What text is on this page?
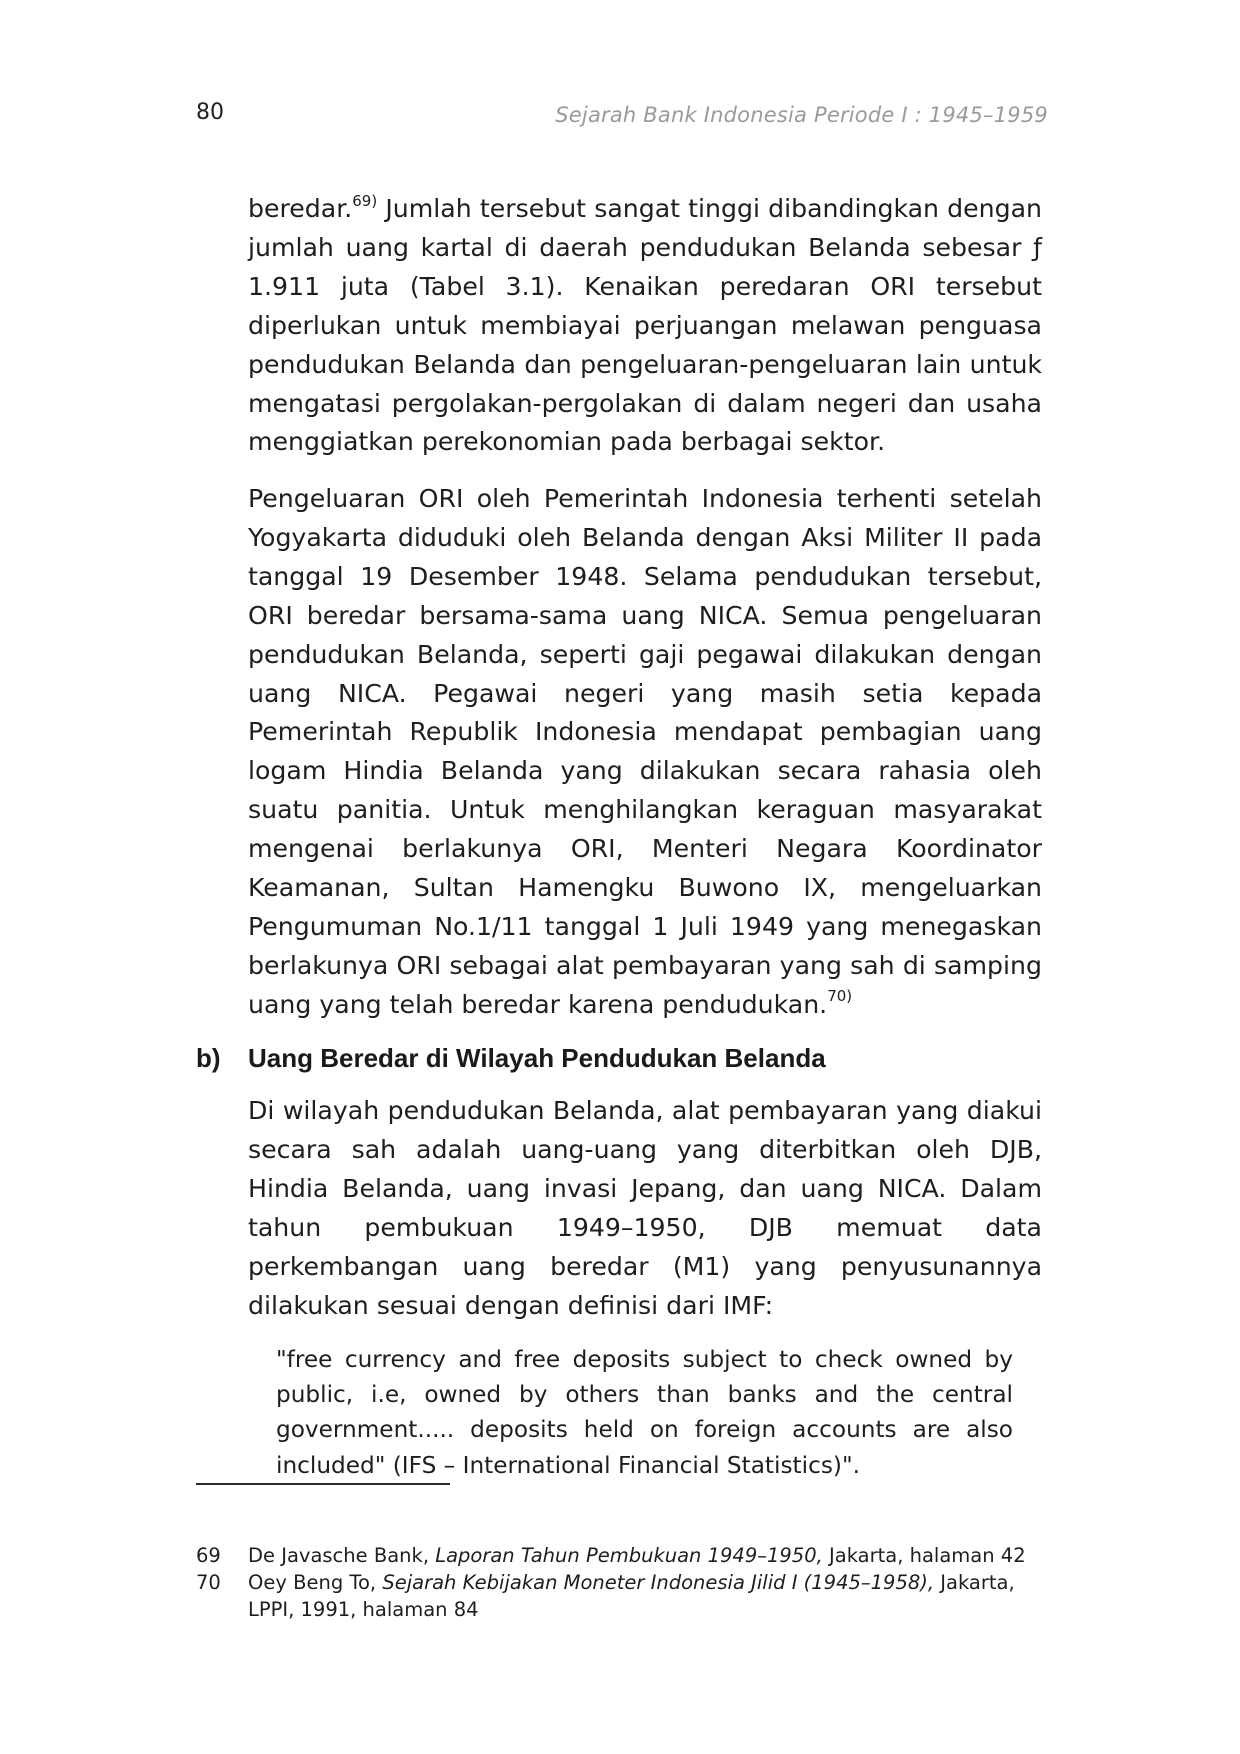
80	Sejarah Bank Indonesia Periode I : 1945–1959

beredar.$^{69)}$ Jumlah tersebut sangat tinggi dibandingkan dengan jumlah uang kartal di daerah pendudukan Belanda sebesar ƒ 1.911 juta (Tabel 3.1). Kenaikan peredaran ORI tersebut diperlukan untuk membiayai perjuangan melawan penguasa pendudukan Belanda dan pengeluaran-pengeluaran lain untuk mengatasi pergolakan-pergolakan di dalam negeri dan usaha menggiatkan perekonomian pada berbagai sektor.

Pengeluaran ORI oleh Pemerintah Indonesia terhenti setelah Yogyakarta diduduki oleh Belanda dengan Aksi Militer II pada tanggal 19 Desember 1948. Selama pendudukan tersebut, ORI beredar bersama-sama uang NICA. Semua pengeluaran pendudukan Belanda, seperti gaji pegawai dilakukan dengan uang NICA. Pegawai negeri yang masih setia kepada Pemerintah Republik Indonesia mendapat pembagian uang logam Hindia Belanda yang dilakukan secara rahasia oleh suatu panitia. Untuk menghilangkan keraguan masyarakat mengenai berlakunya ORI, Menteri Negara Koordinator Keamanan, Sultan Hamengku Buwono IX, mengeluarkan Pengumuman No.1/11 tanggal 1 Juli 1949 yang menegaskan berlakunya ORI sebagai alat pembayaran yang sah di samping uang yang telah beredar karena pendudukan.$^{70)}$

b) Uang Beredar di Wilayah Pendudukan Belanda

Di wilayah pendudukan Belanda, alat pembayaran yang diakui secara sah adalah uang-uang yang diterbitkan oleh DJB, Hindia Belanda, uang invasi Jepang, dan uang NICA. Dalam tahun pembukuan 1949–1950, DJB memuat data perkembangan uang beredar (M1) yang penyusunannya dilakukan sesuai dengan definisi dari IMF:

"free currency and free deposits subject to check owned by public, i.e, owned by others than banks and the central government..... deposits held on foreign accounts are also included" (IFS – International Financial Statistics)".

69	De Javasche Bank, Laporan Tahun Pembukuan 1949–1950, Jakarta, halaman 42
70	Oey Beng To, Sejarah Kebijakan Moneter Indonesia Jilid I (1945–1958), Jakarta, LPPI, 1991, halaman 84
